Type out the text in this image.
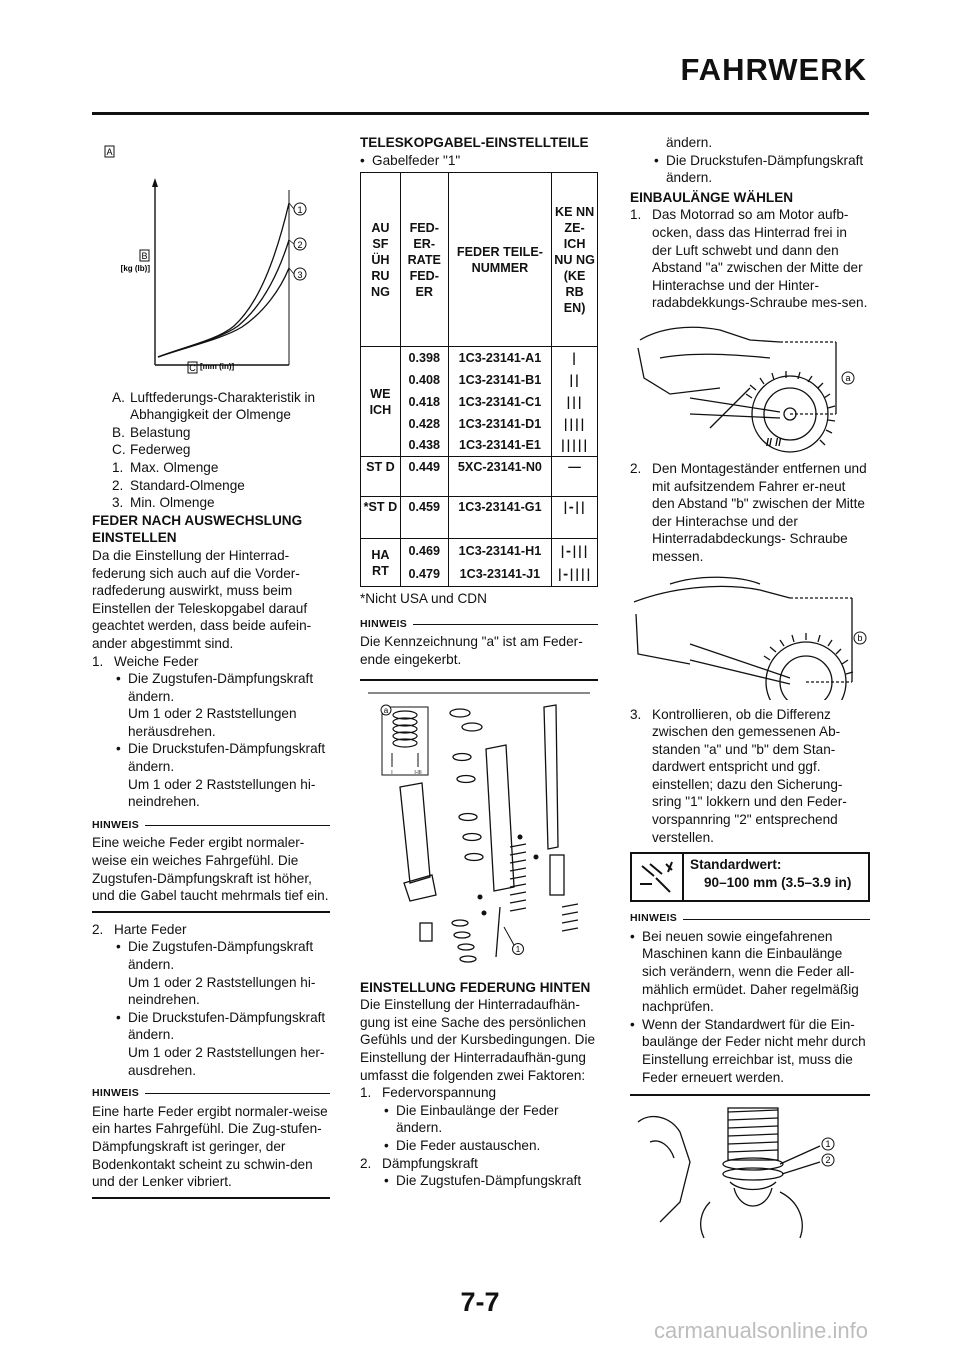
FAHRWERK
A
1
2
3
B
[kg (lb)]
C [mm (in)]
A. Luftfederungs-Charakteristik in Abhangigkeit der Olmenge
B. Belastung
C. Federweg
1. Max. Olmenge
2. Standard-Olmenge
3. Min. Olmenge

FEDER NACH AUSWECHSLUNG EINSTELLEN

Da die Einstellung der Hinterrad-federung sich auch auf die Vorder-radfederung auswirkt, muss beim Einstellen der Teleskopgabel darauf geachtet werden, dass beide aufein-ander abgestimmt sind.

1. Weiche Feder
• Die Zugstufen-Dämpfungskraft ändern.
Um 1 oder 2 Raststellungen heräusdrehen.
• Die Druckstufen-Dämpfungskraft ändern.
Um 1 oder 2 Raststellungen hi-neindrehen.
HINWEIS

Eine weiche Feder ergibt normaler-weise ein weiches Fahrgefühl. Die Zugstufen-Dämpfungskraft ist höher, und die Gabel taucht mehrmals tief ein.

2. Harte Feder
• Die Zugstufen-Dämpfungskraft ändern.
Um 1 oder 2 Raststellungen hi-neindrehen.
• Die Druckstufen-Dämpfungskraft ändern.
Um 1 oder 2 Raststellungen her-ausdrehen.
HINWEIS

Eine harte Feder ergibt normaler-weise ein hartes Fahrgefühl. Die Zug-stufen-Dämpfungskraft ist geringer, der Bodenkontakt scheint zu schwin-den und der Lenker vibriert.

TELESKOPGABEL-EINSTELLTEILE

• Gabelfeder "1"
AU SF ÜH RU NG	FED-ER-RATE FED-ER	FEDER TEILE-NUMMER	KE NN ZE-ICH NU NG (KE RB EN)
WE ICH	0.398	1C3-23141-A1	|
	0.408	1C3-23141-B1	||
	0.418	1C3-23141-C1	|||
	0.428	1C3-23141-D1	||||
	0.438	1C3-23141-E1	|||||
ST D	0.449	5XC-23141-N0	—
*ST D	0.459	1C3-23141-G1	|-||
HA RT	0.469	1C3-23141-H1	|-|||
	0.479	1C3-23141-J1	|-||||

*Nicht USA und CDN

HINWEIS

Die Kennzeichnung "a" ist am Feder-ende eingekerbt.

a
I	I-III
1

EINSTELLUNG FEDERUNG HINTEN

Die Einstellung der Hinterradaufhän-gung ist eine Sache des persönlichen Gefühls und der Kursbedingungen. Die Einstellung der Hinterradaufhän-gung umfasst die folgenden zwei Faktoren:

1. Federvorspannung
• Die Einbaulänge der Feder ändern.
• Die Feder austauschen.
2. Dämpfungskraft
• Die Zugstufen-Dämpfungskraft
ändern.
• Die Druckstufen-Dämpfungskraft ändern.

EINBAULÄNGE WÄHLEN

1. Das Motorrad so am Motor aufb-ocken, dass das Hinterrad frei in der Luft schwebt und dann den Abstand "a" zwischen der Mitte der Hinterachse und der Hinter-radabdekkungs-Schraube mes-sen.
// //
a
2. Den Montageständer entfernen und mit aufsitzendem Fahrer er-neut den Abstand "b" zwischen der Mitte der Hinterachse und der Hinterradabdeckungs- Schraube messen.
b
3. Kontrollieren, ob die Differenz zwischen den gemessenen Ab-standen "a" und "b" dem Stan-dardwert entspricht und ggf. einstellen; dazu den Sicherung-sring "1" lokkern und den Feder-vorspannring "2" entsprechend verstellen.
Standardwert:
90–100 mm (3.5–3.9 in)
HINWEIS
• Bei neuen sowie eingefahrenen Maschinen kann die Einbaulänge sich verändern, wenn die Feder all-mählich ermüdet. Daher regelmäßig nachprüfen.
• Wenn der Standardwert für die Ein-baulänge der Feder nicht mehr durch Einstellung erreichbar ist, muss die Feder erneuert werden.
1
2
7-7
carmanualsonline.info
